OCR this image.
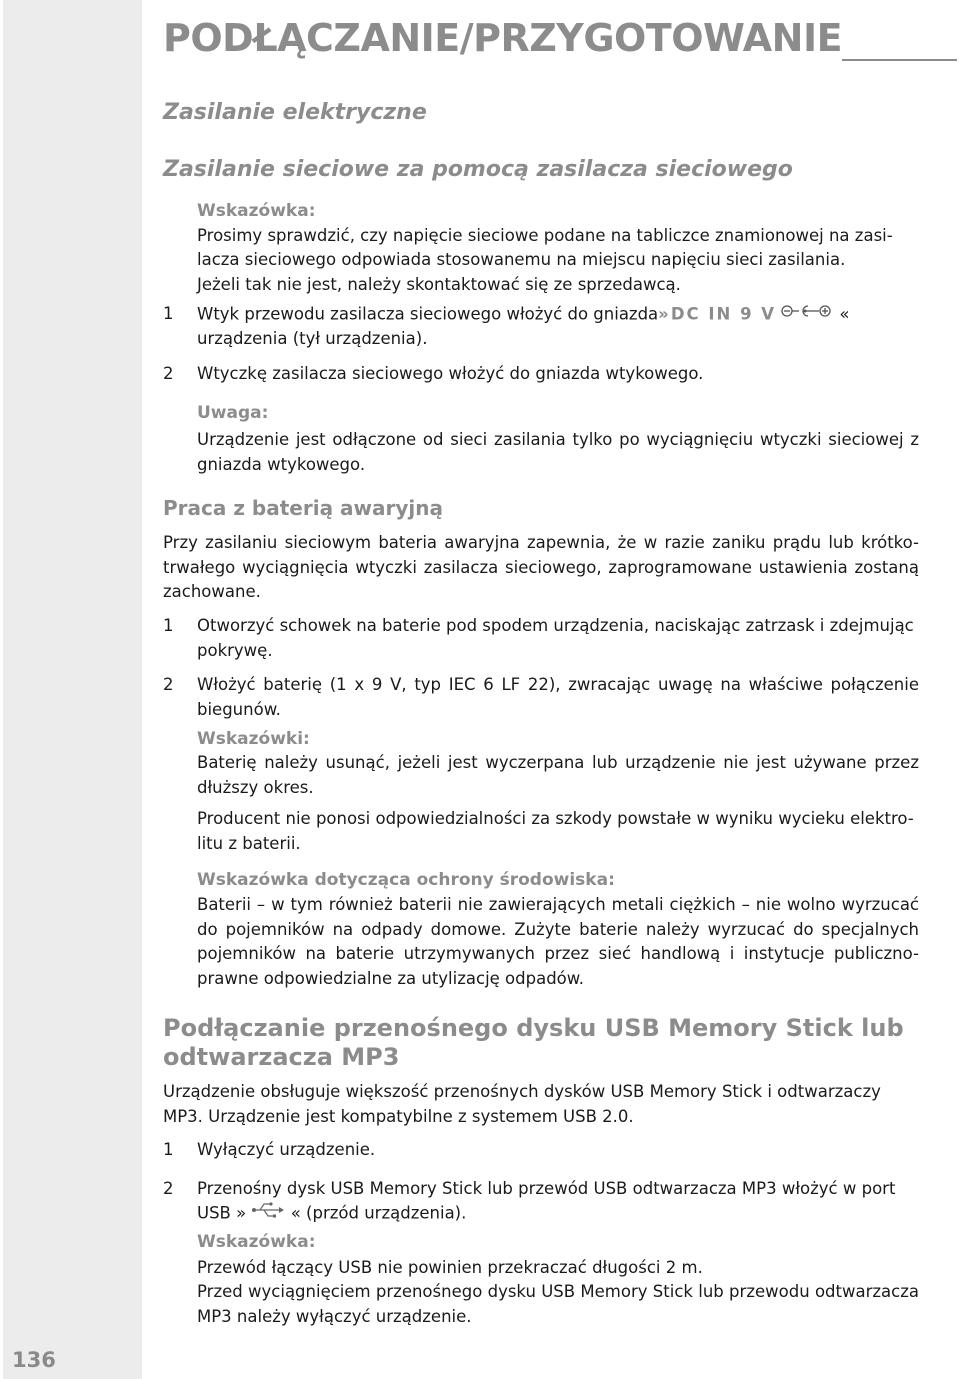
136
PODŁĄCZANIE/PRZYGOTOWANIE
Zasilanie elektryczne
Zasilanie sieciowe za pomocą zasilacza sieciowego
Wskazówka:
Prosimy sprawdzić, czy napięcie sieciowe podane na tabliczce znamionowej na zasi-
lacza sieciowego odpowiada stosowanemu na miejscu napięciu sieci zasilania.
Jeżeli tak nie jest, należy skontaktować się ze sprzedawcą.
1 Wtyk przewodu zasilacza sieciowego włożyć do gniazda»DC IN 9 V	«
urządzenia (tył urządzenia).
2 Wtyczkę zasilacza sieciowego włożyć do gniazda wtykowego.
Uwaga:
Urządzenie jest odłączone od sieci zasilania tylko po wyciągnięciu wtyczki sieciowej z gniazda wtykowego.
Praca z baterią awaryjną
Przy zasilaniu sieciowym bateria awaryjna zapewnia, że w razie zaniku prądu lub krótko-trwałego wyciągnięcia wtyczki zasilacza sieciowego, zaprogramowane ustawienia zostaną zachowane.
1 Otworzyć schowek na baterie pod spodem urządzenia, naciskając zatrzask i zdejmując pokrywę.
2 Włożyć baterię (1 x 9 V, typ IEC 6 LF 22), zwracając uwagę na właściwe połączenie biegunów.
Wskazówki:
Baterię należy usunąć, jeżeli jest wyczerpana lub urządzenie nie jest używane przez dłuższy okres.
Producent nie ponosi odpowiedzialności za szkody powstałe w wyniku wycieku elektro-litu z baterii.
Wskazówka dotycząca ochrony środowiska:
Baterii – w tym również baterii nie zawierających metali ciężkich – nie wolno wyrzucać do pojemników na odpady domowe. Zużyte baterie należy wyrzucać do specjalnych pojemników na baterie utrzymywanych przez sieć handlową i instytucje publiczno-prawne odpowiedzialne za utylizację odpadów.
Podłączanie przenośnego dysku USB Memory Stick lub odtwarzacza MP3
Urządzenie obsługuje większość przenośnych dysków USB Memory Stick i odtwarzaczy MP3. Urządzenie jest kompatybilne z systemem USB 2.0.
1 Wyłączyć urządzenie.
2 Przenośny dysk USB Memory Stick lub przewód USB odtwarzacza MP3 włożyć w port
USB »	« (przód urządzenia).
Wskazówka:
Przewód łączący USB nie powinien przekraczać długości 2 m.
Przed wyciągnięciem przenośnego dysku USB Memory Stick lub przewodu odtwarzacza MP3 należy wyłączyć urządzenie.
